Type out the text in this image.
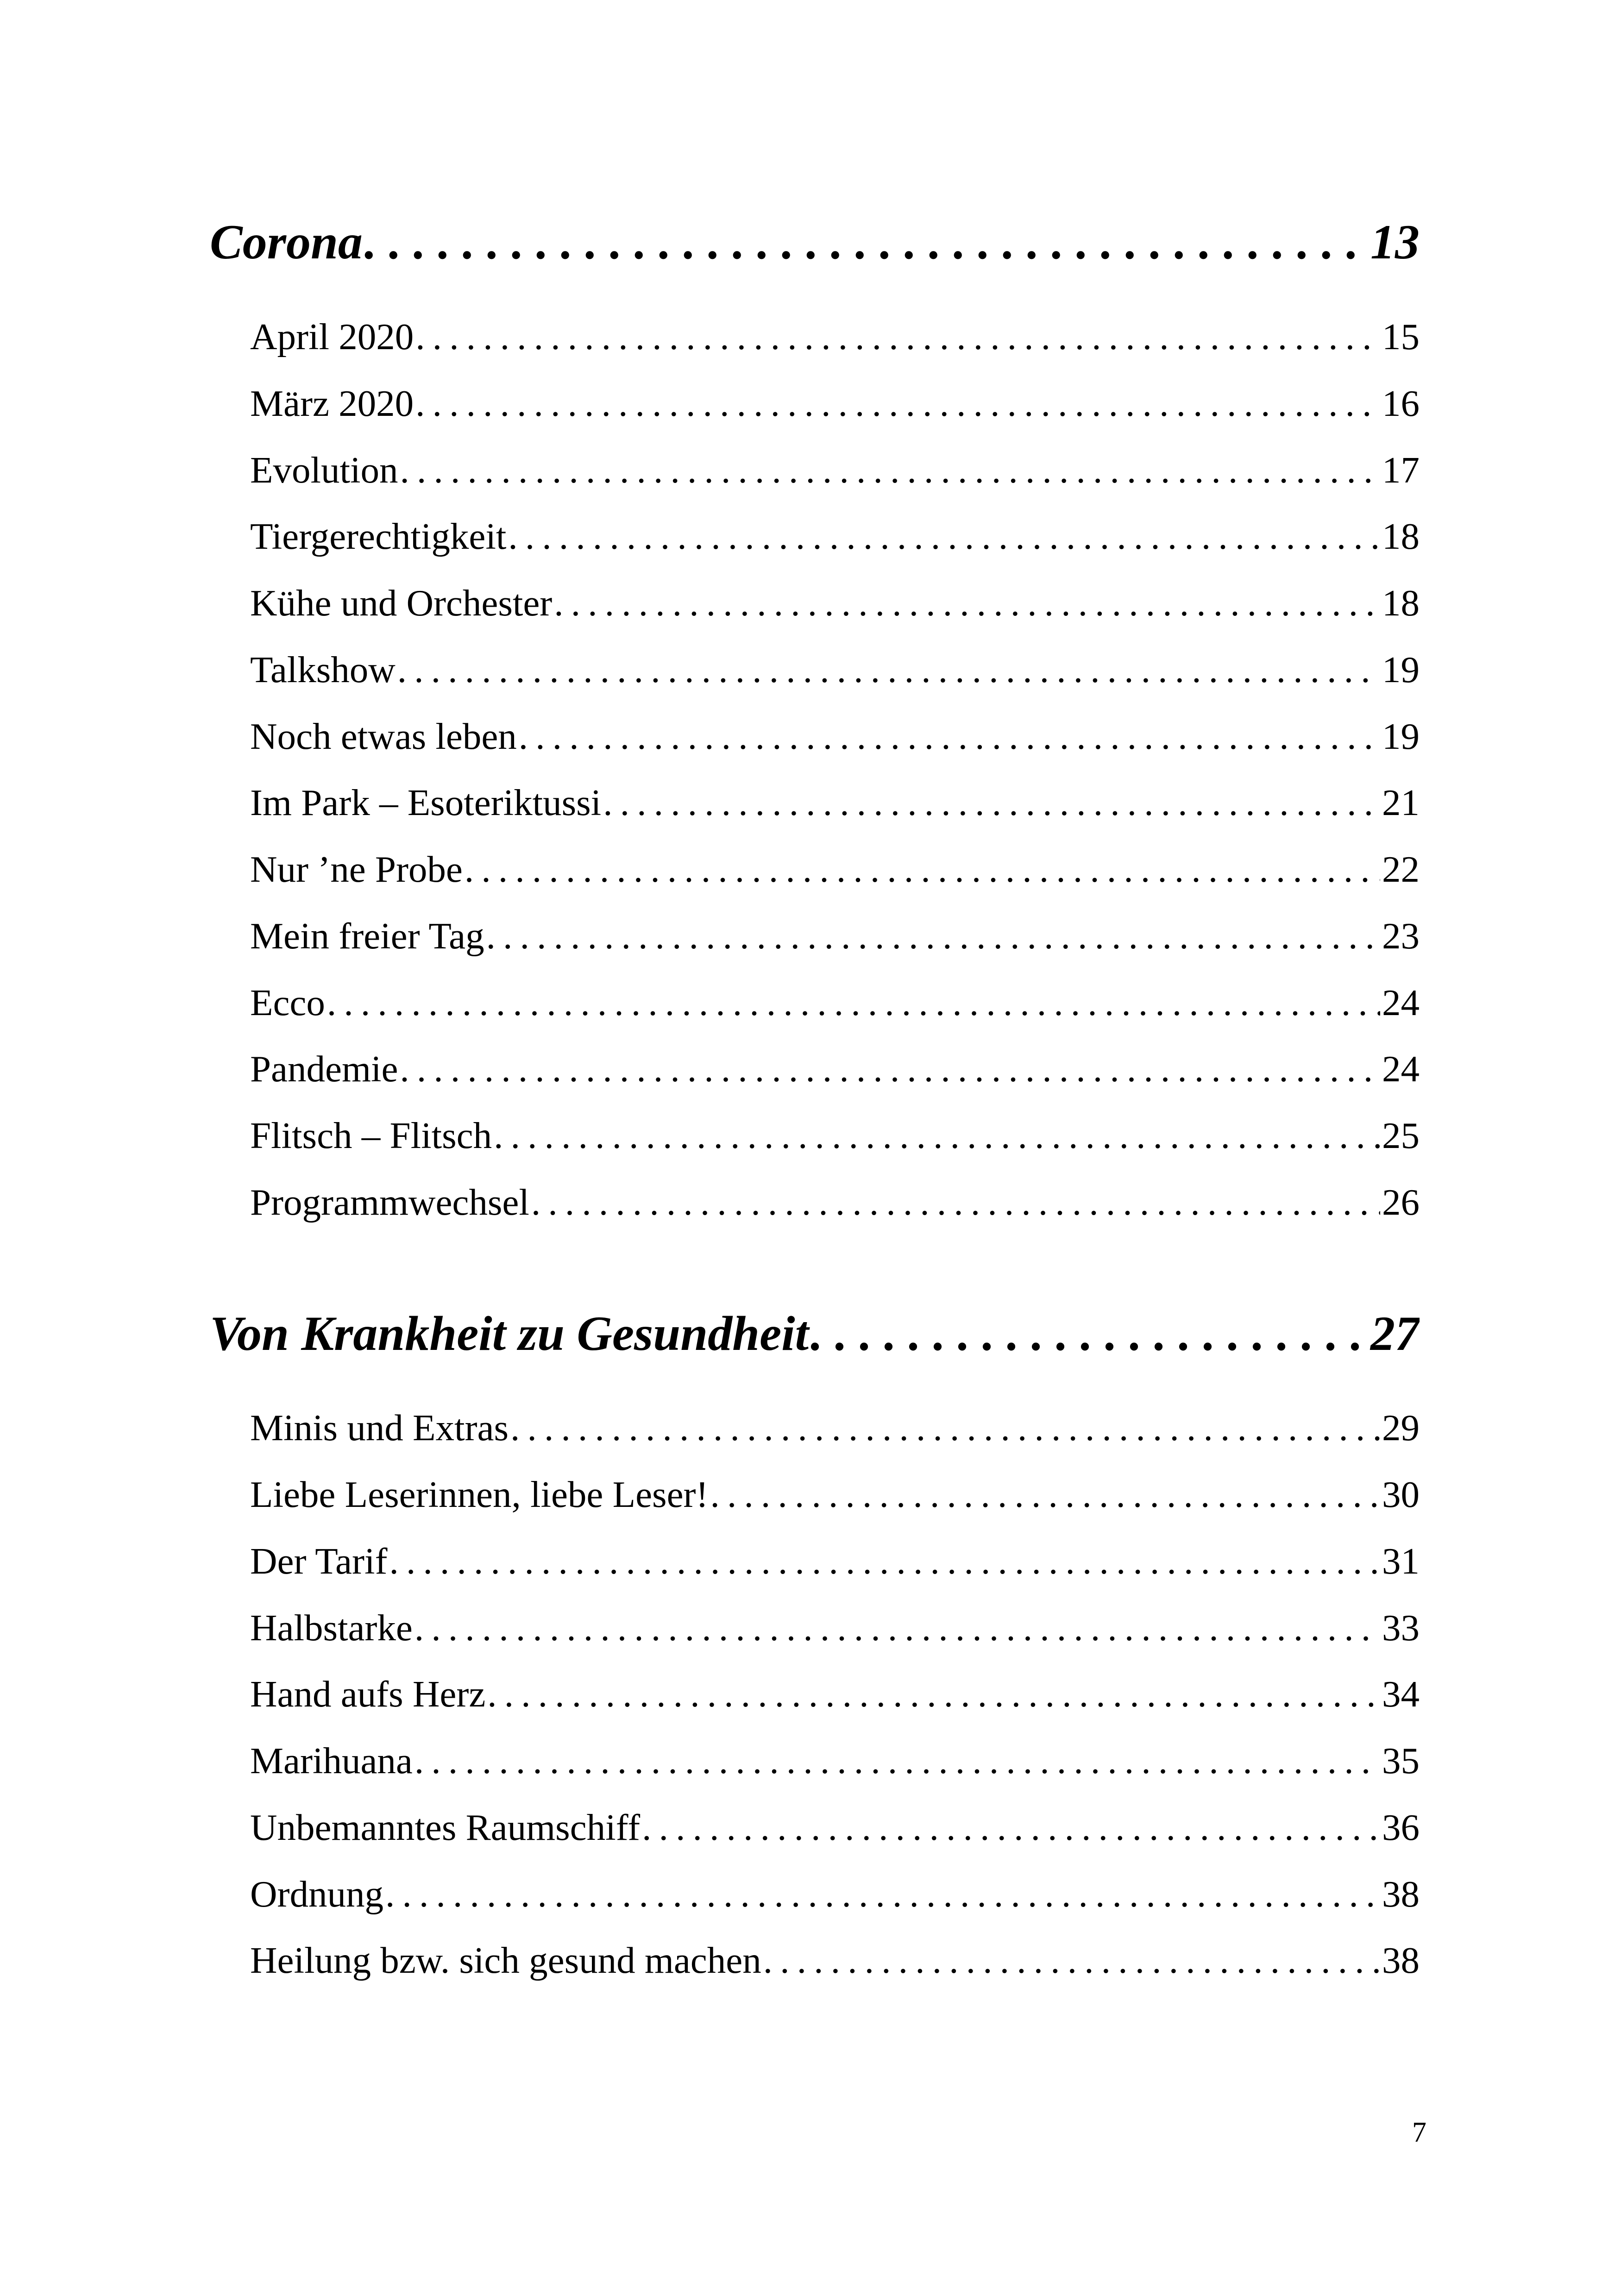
Corona . . .	13
April 2020 . . .	15
März 2020 . . .	16
Evolution . . .	17
Tiergerechtigkeit . . .	18
Kühe und Orchester . . .	18
Talkshow . . .	19
Noch etwas leben . . .	19
Im Park – Esoteriktussi . . .	21
Nur ’ne Probe . . .	22
Mein freier Tag . . .	23
Ecco . . .	24
Pandemie . . .	24
Flitsch – Flitsch . . .	25
Programmwechsel . . .	26
Von Krankheit zu Gesundheit . . .	27
Minis und Extras . . .	29
Liebe Leserinnen, liebe Leser! . . .	30
Der Tarif . . .	31
Halbstarke . . .	33
Hand aufs Herz . . .	34
Marihuana . . .	35
Unbemanntes Raumschiff . . .	36
Ordnung . . .	38
Heilung bzw. sich gesund machen . . .	38
7
